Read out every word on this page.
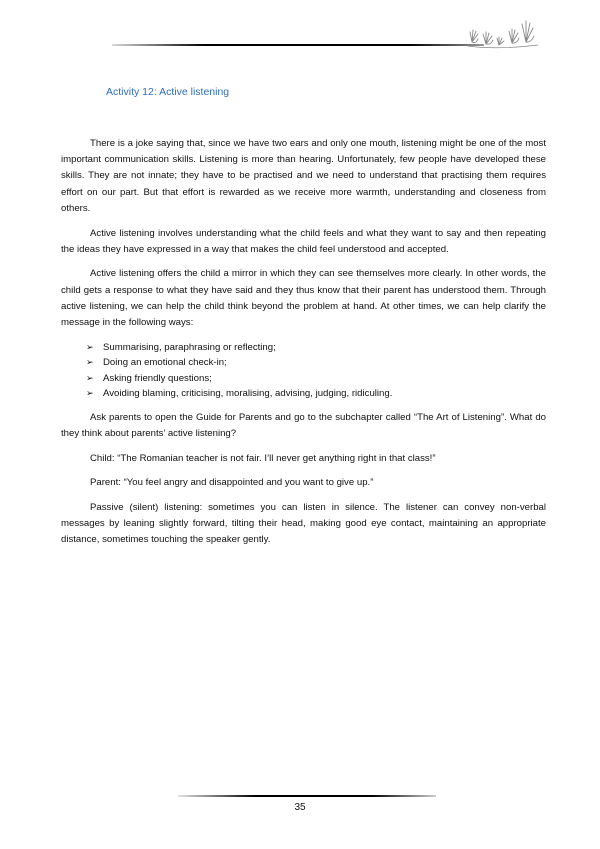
Activity 12: Active listening

There is a joke saying that, since we have two ears and only one mouth, listening might be one of the most important communication skills. Listening is more than hearing. Unfortunately, few people have developed these skills. They are not innate; they have to be practised and we need to understand that practising them requires effort on our part. But that effort is rewarded as we receive more warmth, understanding and closeness from others.

Active listening involves understanding what the child feels and what they want to say and then repeating the ideas they have expressed in a way that makes the child feel understood and accepted.

Active listening offers the child a mirror in which they can see themselves more clearly. In other words, the child gets a response to what they have said and they thus know that their parent has understood them. Through active listening, we can help the child think beyond the problem at hand. At other times, we can help clarify the message in the following ways:

➢ Summarising, paraphrasing or reflecting;
➢ Doing an emotional check-in;
➢ Asking friendly questions;
➢ Avoiding blaming, criticising, moralising, advising, judging, ridiculing.

Ask parents to open the Guide for Parents and go to the subchapter called “The Art of Listening”. What do they think about parents’ active listening?

Child: “The Romanian teacher is not fair. I’ll never get anything right in that class!”

Parent: “You feel angry and disappointed and you want to give up.”

Passive (silent) listening: sometimes you can listen in silence. The listener can convey non-verbal messages by leaning slightly forward, tilting their head, making good eye contact, maintaining an appropriate distance, sometimes touching the speaker gently.

35
